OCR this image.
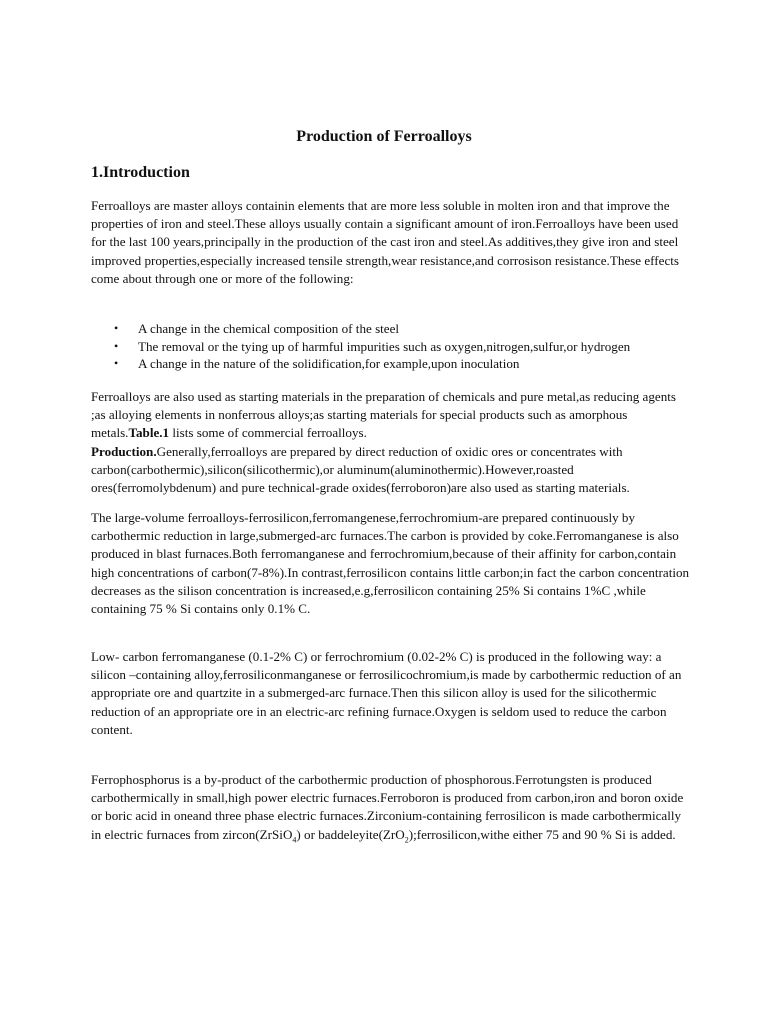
Production of Ferroalloys
1.Introduction

Ferroalloys are master alloys containin elements that are more less soluble in molten iron and that improve the properties of iron and steel.These alloys usually contain a significant amount of iron.Ferroalloys have been used for the last 100 years,principally in the production of the cast iron and steel.As additives,they give iron and steel improved properties,especially increased tensile strength,wear resistance,and corrosison resistance.These effects come about through one or more of the following:

• A change in the chemical composition of the steel
• The removal or the tying up of harmful impurities such as oxygen,nitrogen,sulfur,or hydrogen
• A change in the nature of the solidification,for example,upon inoculation

Ferroalloys are also used as starting materials in the preparation of chemicals and pure metal,as reducing agents ;as alloying elements in nonferrous alloys;as starting materials for special products such as amorphous metals.Table.1 lists some of commercial ferroalloys.
Production.Generally,ferroalloys are prepared by direct reduction of oxidic ores or concentrates with carbon(carbothermic),silicon(silicothermic),or aluminum(aluminothermic).However,roasted ores(ferromolybdenum) and pure technical-grade oxides(ferroboron)are also used as starting materials.

The large-volume ferroalloys-ferrosilicon,ferromangenese,ferrochromium-are prepared continuously by carbothermic reduction in large,submerged-arc furnaces.The carbon is provided by coke.Ferromanganese is also produced in blast furnaces.Both ferromanganese and ferrochromium,because of their affinity for carbon,contain high concentrations of carbon(7-8%).In contrast,ferrosilicon contains little carbon;in fact the carbon concentration decreases as the silison concentration is increased,e.g,ferrosilicon containing 25% Si contains 1%C ,while containing 75 % Si contains only 0.1% C.

Low- carbon ferromanganese (0.1-2% C) or ferrochromium (0.02-2% C) is produced in the following way: a silicon –containing alloy,ferrosiliconmanganese or ferrosilicochromium,is made by carbothermic reduction of an appropriate ore and quartzite in a submerged-arc furnace.Then this silicon alloy is used for the silicothermic reduction of an appropriate ore in an electric-arc refining furnace.Oxygen is seldom used to reduce the carbon content.

Ferrophosphorus is a by-product of the carbothermic production of phosphorous.Ferrotungsten is produced carbothermically in small,high power electric furnaces.Ferroboron is produced from carbon,iron and boron oxide or boric acid in oneand three phase electric furnaces.Zirconium-containing ferrosilicon is made carbothermically in electric furnaces from zircon(ZrSiO$_4$) or baddeleyite(ZrO$_2$);ferrosilicon,withe either 75 and 90 % Si is added.
